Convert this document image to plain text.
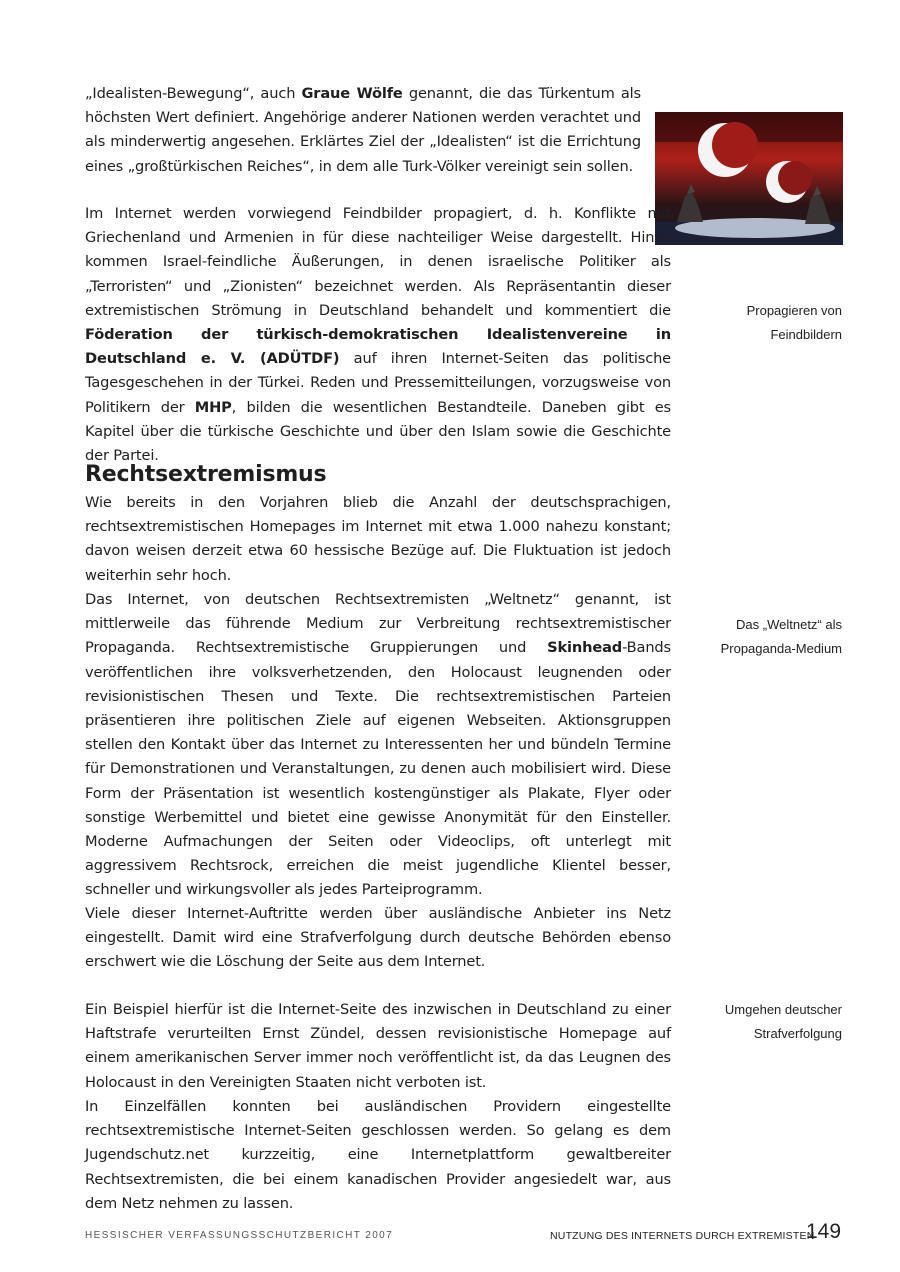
„Idealisten-Bewegung“, auch Graue Wölfe genannt, die das Türkentum als höchsten Wert definiert. Angehörige anderer Nationen werden verachtet und als minderwertig angesehen. Erklärtes Ziel der „Idealisten“ ist die Errichtung eines „großtürkischen Reiches“, in dem alle Turk-Völker vereinigt sein sollen.

Im Internet werden vorwiegend Feindbilder propagiert, d. h. Konflikte mit Griechenland und Armenien in für diese nachteiliger Weise dargestellt. Hinzu kommen Israel-feindliche Äußerungen, in denen israelische Politiker als „Terroristen“ und „Zionisten“ bezeichnet werden. Als Repräsentantin dieser extremistischen Strömung in Deutschland behandelt und kommentiert die Föderation der türkisch-demokratischen Idealistenvereine in Deutschland e. V. (ADÜTDF) auf ihren Internet-Seiten das politische Tagesgeschehen in der Türkei. Reden und Pressemitteilungen, vorzugsweise von Politikern der MHP, bilden die wesentlichen Bestandteile. Daneben gibt es Kapitel über die türkische Geschichte und über den Islam sowie die Geschichte der Partei.

Propagieren von
Feindbildern
Rechtsextremismus

Wie bereits in den Vorjahren blieb die Anzahl der deutschsprachigen, rechtsextremistischen Homepages im Internet mit etwa 1.000 nahezu konstant; davon weisen derzeit etwa 60 hessische Bezüge auf. Die Fluktuation ist jedoch weiterhin sehr hoch.

Das Internet, von deutschen Rechtsextremisten „Weltnetz“ genannt, ist mittlerweile das führende Medium zur Verbreitung rechtsextremistischer Propaganda. Rechtsextremistische Gruppierungen und Skinhead-Bands veröffentlichen ihre volksverhetzenden, den Holocaust leugnenden oder revisionistischen Thesen und Texte. Die rechtsextremistischen Parteien präsentieren ihre politischen Ziele auf eigenen Webseiten. Aktionsgruppen stellen den Kontakt über das Internet zu Interessenten her und bündeln Termine für Demonstrationen und Veranstaltungen, zu denen auch mobilisiert wird. Diese Form der Präsentation ist wesentlich kostengünstiger als Plakate, Flyer oder sonstige Werbemittel und bietet eine gewisse Anonymität für den Einsteller. Moderne Aufmachungen der Seiten oder Videoclips, oft unterlegt mit aggressivem Rechtsrock, erreichen die meist jugendliche Klientel besser, schneller und wirkungsvoller als jedes Parteiprogramm.

Das „Weltnetz“ als
Propaganda-Medium

Viele dieser Internet-Auftritte werden über ausländische Anbieter ins Netz eingestellt. Damit wird eine Strafverfolgung durch deutsche Behörden ebenso erschwert wie die Löschung der Seite aus dem Internet.

Ein Beispiel hierfür ist die Internet-Seite des inzwischen in Deutschland zu einer Haftstrafe verurteilten Ernst Zündel, dessen revisionistische Homepage auf einem amerikanischen Server immer noch veröffentlicht ist, da das Leugnen des Holocaust in den Vereinigten Staaten nicht verboten ist.

In Einzelfällen konnten bei ausländischen Providern eingestellte rechtsextremistische Internet-Seiten geschlossen werden. So gelang es dem Jugendschutz.net kurzzeitig, eine Internetplattform gewaltbereiter Rechtsextremisten, die bei einem kanadischen Provider angesiedelt war, aus dem Netz nehmen zu lassen.

Umgehen deutscher
Strafverfolgung
HESSISCHER VERFASSUNGSSCHUTZBERICHT 2007	NUTZUNG DES INTERNETS DURCH EXTREMISTEN
149
